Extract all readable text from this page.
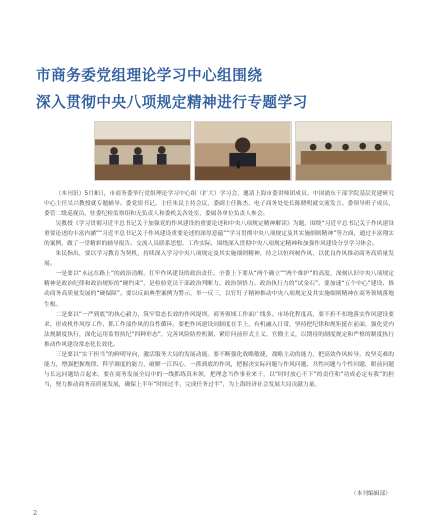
市商务委党组理论学习中心组围绕
深入贯彻中央八项规定精神进行专题学习

（本刊讯）5月8日，市商务委举行党组理论学习中心组（扩大）学习会，邀请上海市委讲师团成员、中国浦东干部学院基层党建研究中心主任吴兴教授就专题辅导。委党组书记、主任朱民主持会议，委副主任陈杰、电子商务处处长陈晓明就交流发言。委领导班子成员、委管二级巡视员、驻委纪检监察组和无负责人和委机关各处室、委属各单位负责人参会。

吴教授《学习贯彻习近平总书记关于加强党的作风建设的重要论述和中央八项规定精神解读》为题，围绕“习近平总书记关于作风建设重要论述的丰富内涵”“习近平总书记关于作风建设重要论述的深厚意蕴”“学习贯彻中央八项规定及其实施细则精神”等方面，通过丰富翔实的案例，做了一堂精彩的辅导报告。交流人员联系思想、工作实际，围绕深入贯彻中央八项规定精神和加强作风建设分享学习体会。

朱民指出，要以学习教育为契机，持续深入学习中央八项规定及其实施细则精神，持之以恒纠树作风，以优良作风推动商务高质量发展。

一是要以“永远在路上”的政治清醒，扛牢作风建设的政治责任。全委上下要从“两个确立”“两个维护”的高度，深刻认识中央八项规定精神是政治纪律和政治规矩的“硬约束”，是检验党员干部政治判断力、政治领悟力、政治执行力的“试金石”。要加速“五个中心”建设、推动商务高质量发展的“硬保障”。要以反面典型案例为警示，举一反三，以钉钉子精神推动中央八项规定及其实施细则精神在商务领域落地生根。

二是要以“一严到底”的执心毅力，筑牢常态长效的作风堤坝。商务领域工作面广线多、市场化程度高，要不折不扣地落实作风建设要求，形成机作风厚工作、抓工作部作风的良性循环。要把作风建设同制度在手上，有机融入日常，坚持把纪律和规矩挺在前面，强化党内法规制度执行，深化运用监督执纪“四种形态”，完善风险防控机制，紧盯问前形式主义、官僚主义，以期待的制度规定和严格的制度执行推动作风建设常态化长效化。

三是要以“实干担当”的鲜明导向，激活服务大局的发展动能。要不断强化战略敏捷，战略主动的能力，把高效作风转导，攻坚克难的能力，增强把握规律、科学调度的能力，破解一江四心、一抓到底的作风，把握决实际问题与作风问题、共性问题与个性问题、眼前问题与长远问题结合起来。要在商务发展全局中的一线抓练真本领，把理念当作事业来干，以“时时放心不下”的责任和“功成必定有我”的担当，努力推动商务高质量发展，确保上半年“时间过半，完成任务过半”，为上海经济社会发展大局贡献力量。

（本刊编辑部）
2
